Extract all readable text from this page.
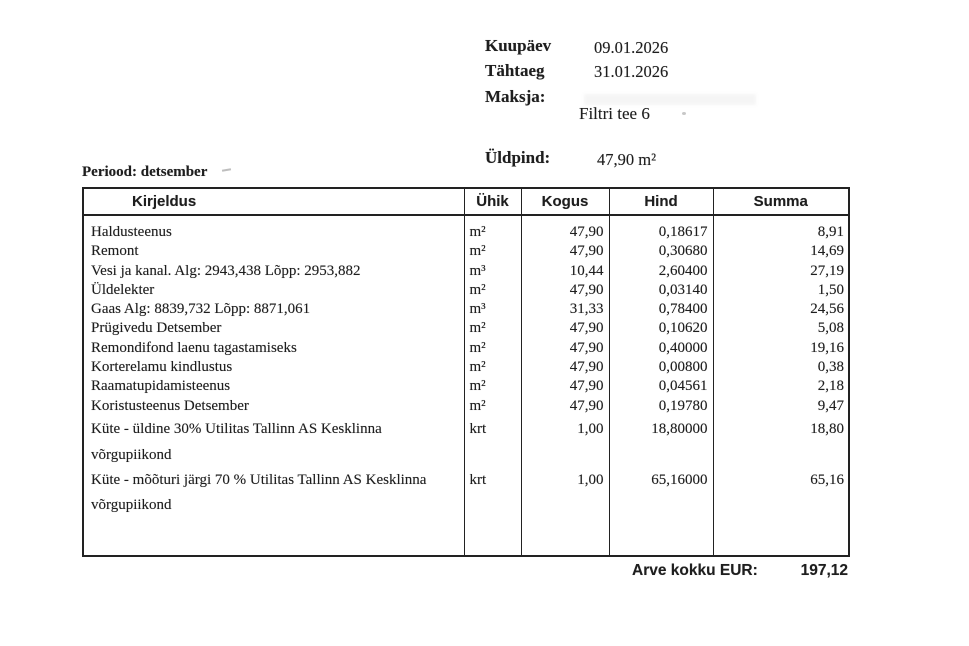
Kuupäev	09.01.2026
Tähtaeg	31.01.2026
Maksja:
Filtri tee 6
Üldpind:	47,90 m²
Periood: detsember
Kirjeldus	Ühik	Kogus	Hind	Summa
Haldusteenus	m²	47,90	0,18617	8,91
Remont	m²	47,90	0,30680	14,69
Vesi ja kanal. Alg: 2943,438 Lõpp: 2953,882	m³	10,44	2,60400	27,19
Üldelekter	m²	47,90	0,03140	1,50
Gaas Alg: 8839,732 Lõpp: 8871,061	m³	31,33	0,78400	24,56
Prügivedu Detsember	m²	47,90	0,10620	5,08
Remondifond laenu tagastamiseks	m²	47,90	0,40000	19,16
Korterelamu kindlustus	m²	47,90	0,00800	0,38
Raamatupidamisteenus	m²	47,90	0,04561	2,18
Koristusteenus Detsember	m²	47,90	0,19780	9,47
Küte - üldine 30% Utilitas Tallinn AS Kesklinna võrgupiikond	krt	1,00	18,80000	18,80
Küte - mõõturi järgi 70 % Utilitas Tallinn AS Kesklinna võrgupiikond	krt	1,00	65,16000	65,16

Arve kokku EUR:	197,12
